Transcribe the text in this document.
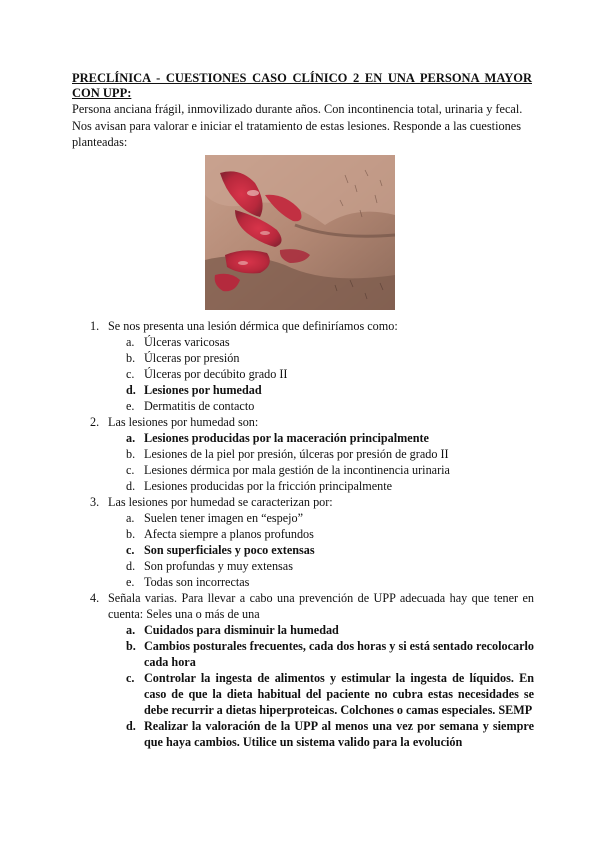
PRECLÍNICA - CUESTIONES CASO CLÍNICO 2 EN UNA PERSONA MAYOR CON UPP:

Persona anciana frágil, inmovilizado durante años. Con incontinencia total, urinaria y fecal.

Nos avisan para valorar e iniciar el tratamiento de estas lesiones. Responde a las cuestiones planteadas:

1. Se nos presenta una lesión dérmica que definiríamos como:
a. Úlceras varicosas
b. Úlceras por presión
c. Úlceras por decúbito grado II
d. Lesiones por humedad
e. Dermatitis de contacto
2. Las lesiones por humedad son:
a. Lesiones producidas por la maceración principalmente
b. Lesiones de la piel por presión, úlceras por presión de grado II
c. Lesiones dérmica por mala gestión de la incontinencia urinaria
d. Lesiones producidas por la fricción principalmente
3. Las lesiones por humedad se caracterizan por:
a. Suelen tener imagen en “espejo”
b. Afecta siempre a planos profundos
c. Son superficiales y poco extensas
d. Son profundas y muy extensas
e. Todas son incorrectas
4. Señala varias. Para llevar a cabo una prevención de UPP adecuada hay que tener en cuenta: Seles una o más de una
a. Cuidados para disminuir la humedad
b. Cambios posturales frecuentes, cada dos horas y si está sentado recolocarlo cada hora
c. Controlar la ingesta de alimentos y estimular la ingesta de líquidos. En caso de que la dieta habitual del paciente no cubra estas necesidades se debe recurrir a dietas hiperproteicas. Colchones o camas especiales. SEMP
d. Realizar la valoración de la UPP al menos una vez por semana y siempre que haya cambios. Utilice un sistema valido para la evolución
